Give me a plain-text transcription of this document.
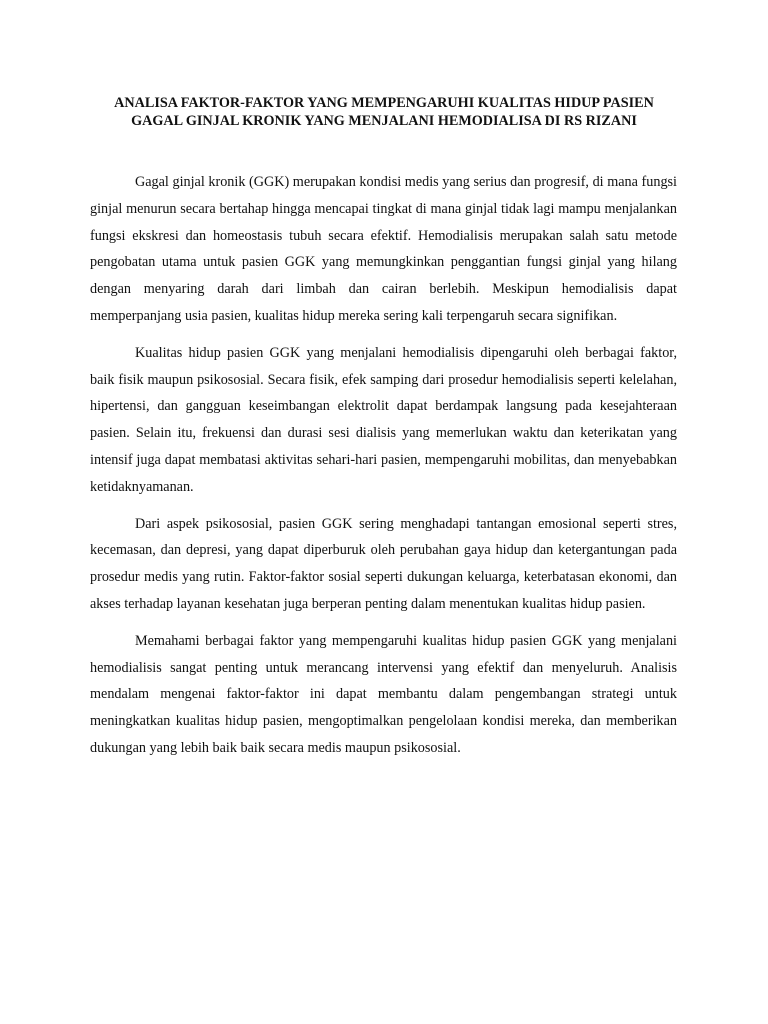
ANALISA FAKTOR-FAKTOR YANG MEMPENGARUHI KUALITAS HIDUP PASIEN
GAGAL GINJAL KRONIK YANG MENJALANI HEMODIALISA DI RS RIZANI

Gagal ginjal kronik (GGK) merupakan kondisi medis yang serius dan progresif, di mana fungsi ginjal menurun secara bertahap hingga mencapai tingkat di mana ginjal tidak lagi mampu menjalankan fungsi ekskresi dan homeostasis tubuh secara efektif. Hemodialisis merupakan salah satu metode pengobatan utama untuk pasien GGK yang memungkinkan penggantian fungsi ginjal yang hilang dengan menyaring darah dari limbah dan cairan berlebih. Meskipun hemodialisis dapat memperpanjang usia pasien, kualitas hidup mereka sering kali terpengaruh secara signifikan.

Kualitas hidup pasien GGK yang menjalani hemodialisis dipengaruhi oleh berbagai faktor, baik fisik maupun psikososial. Secara fisik, efek samping dari prosedur hemodialisis seperti kelelahan, hipertensi, dan gangguan keseimbangan elektrolit dapat berdampak langsung pada kesejahteraan pasien. Selain itu, frekuensi dan durasi sesi dialisis yang memerlukan waktu dan keterikatan yang intensif juga dapat membatasi aktivitas sehari-hari pasien, mempengaruhi mobilitas, dan menyebabkan ketidaknyamanan.

Dari aspek psikososial, pasien GGK sering menghadapi tantangan emosional seperti stres, kecemasan, dan depresi, yang dapat diperburuk oleh perubahan gaya hidup dan ketergantungan pada prosedur medis yang rutin. Faktor-faktor sosial seperti dukungan keluarga, keterbatasan ekonomi, dan akses terhadap layanan kesehatan juga berperan penting dalam menentukan kualitas hidup pasien.

Memahami berbagai faktor yang mempengaruhi kualitas hidup pasien GGK yang menjalani hemodialisis sangat penting untuk merancang intervensi yang efektif dan menyeluruh. Analisis mendalam mengenai faktor-faktor ini dapat membantu dalam pengembangan strategi untuk meningkatkan kualitas hidup pasien, mengoptimalkan pengelolaan kondisi mereka, dan memberikan dukungan yang lebih baik baik secara medis maupun psikososial.
